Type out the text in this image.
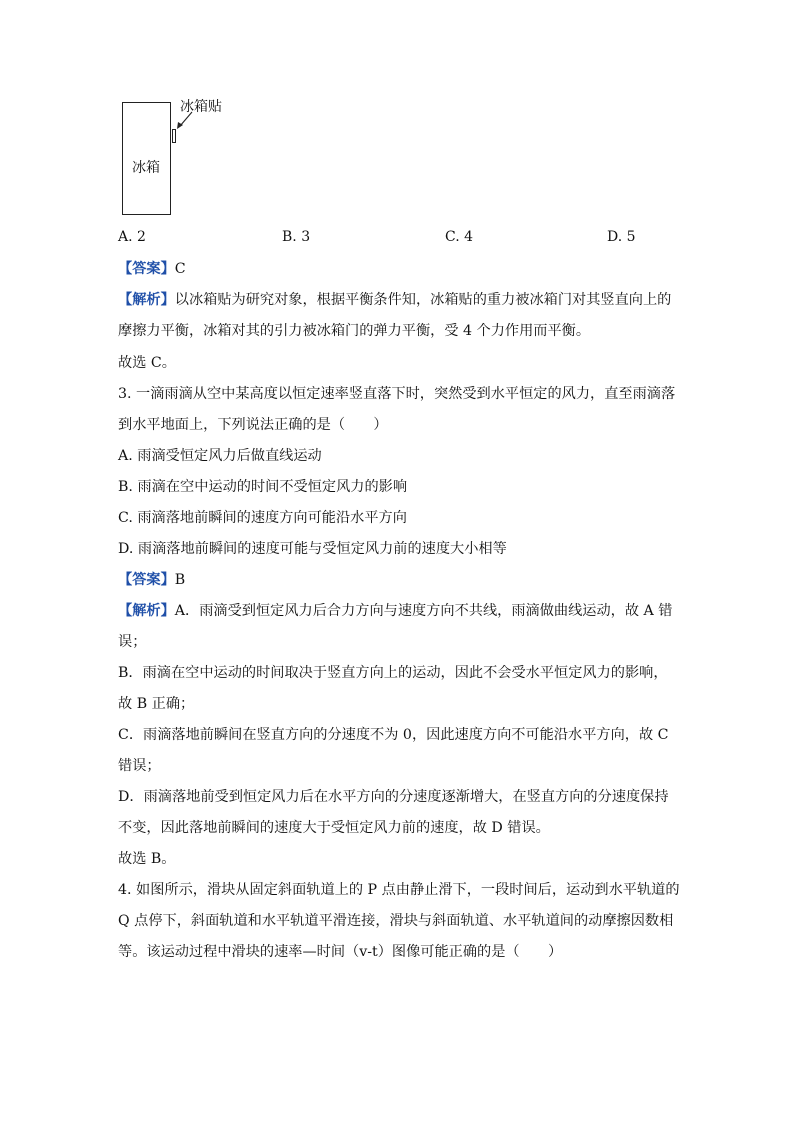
冰箱
冰箱贴
A. 2	B. 3	C. 4	D. 5
【答案】C
【解析】以冰箱贴为研究对象，根据平衡条件知，冰箱贴的重力被冰箱门对其竖直向上的
摩擦力平衡，冰箱对其的引力被冰箱门的弹力平衡，受 4 个力作用而平衡。
故选 C。
3. 一滴雨滴从空中某高度以恒定速率竖直落下时，突然受到水平恒定的风力，直至雨滴落
到水平地面上，下列说法正确的是（　　）
A. 雨滴受恒定风力后做直线运动
B. 雨滴在空中运动的时间不受恒定风力的影响
C. 雨滴落地前瞬间的速度方向可能沿水平方向
D. 雨滴落地前瞬间的速度可能与受恒定风力前的速度大小相等
【答案】B
【解析】A．雨滴受到恒定风力后合力方向与速度方向不共线，雨滴做曲线运动，故 A 错
误；
B．雨滴在空中运动的时间取决于竖直方向上的运动，因此不会受水平恒定风力的影响，
故 B 正确；
C．雨滴落地前瞬间在竖直方向的分速度不为 0，因此速度方向不可能沿水平方向，故 C
错误；
D．雨滴落地前受到恒定风力后在水平方向的分速度逐渐增大，在竖直方向的分速度保持
不变，因此落地前瞬间的速度大于受恒定风力前的速度，故 D 错误。
故选 B。
4. 如图所示，滑块从固定斜面轨道上的 P 点由静止滑下，一段时间后，运动到水平轨道的
Q 点停下，斜面轨道和水平轨道平滑连接，滑块与斜面轨道、水平轨道间的动摩擦因数相
等。该运动过程中滑块的速率—时间（v-t）图像可能正确的是（　　）
